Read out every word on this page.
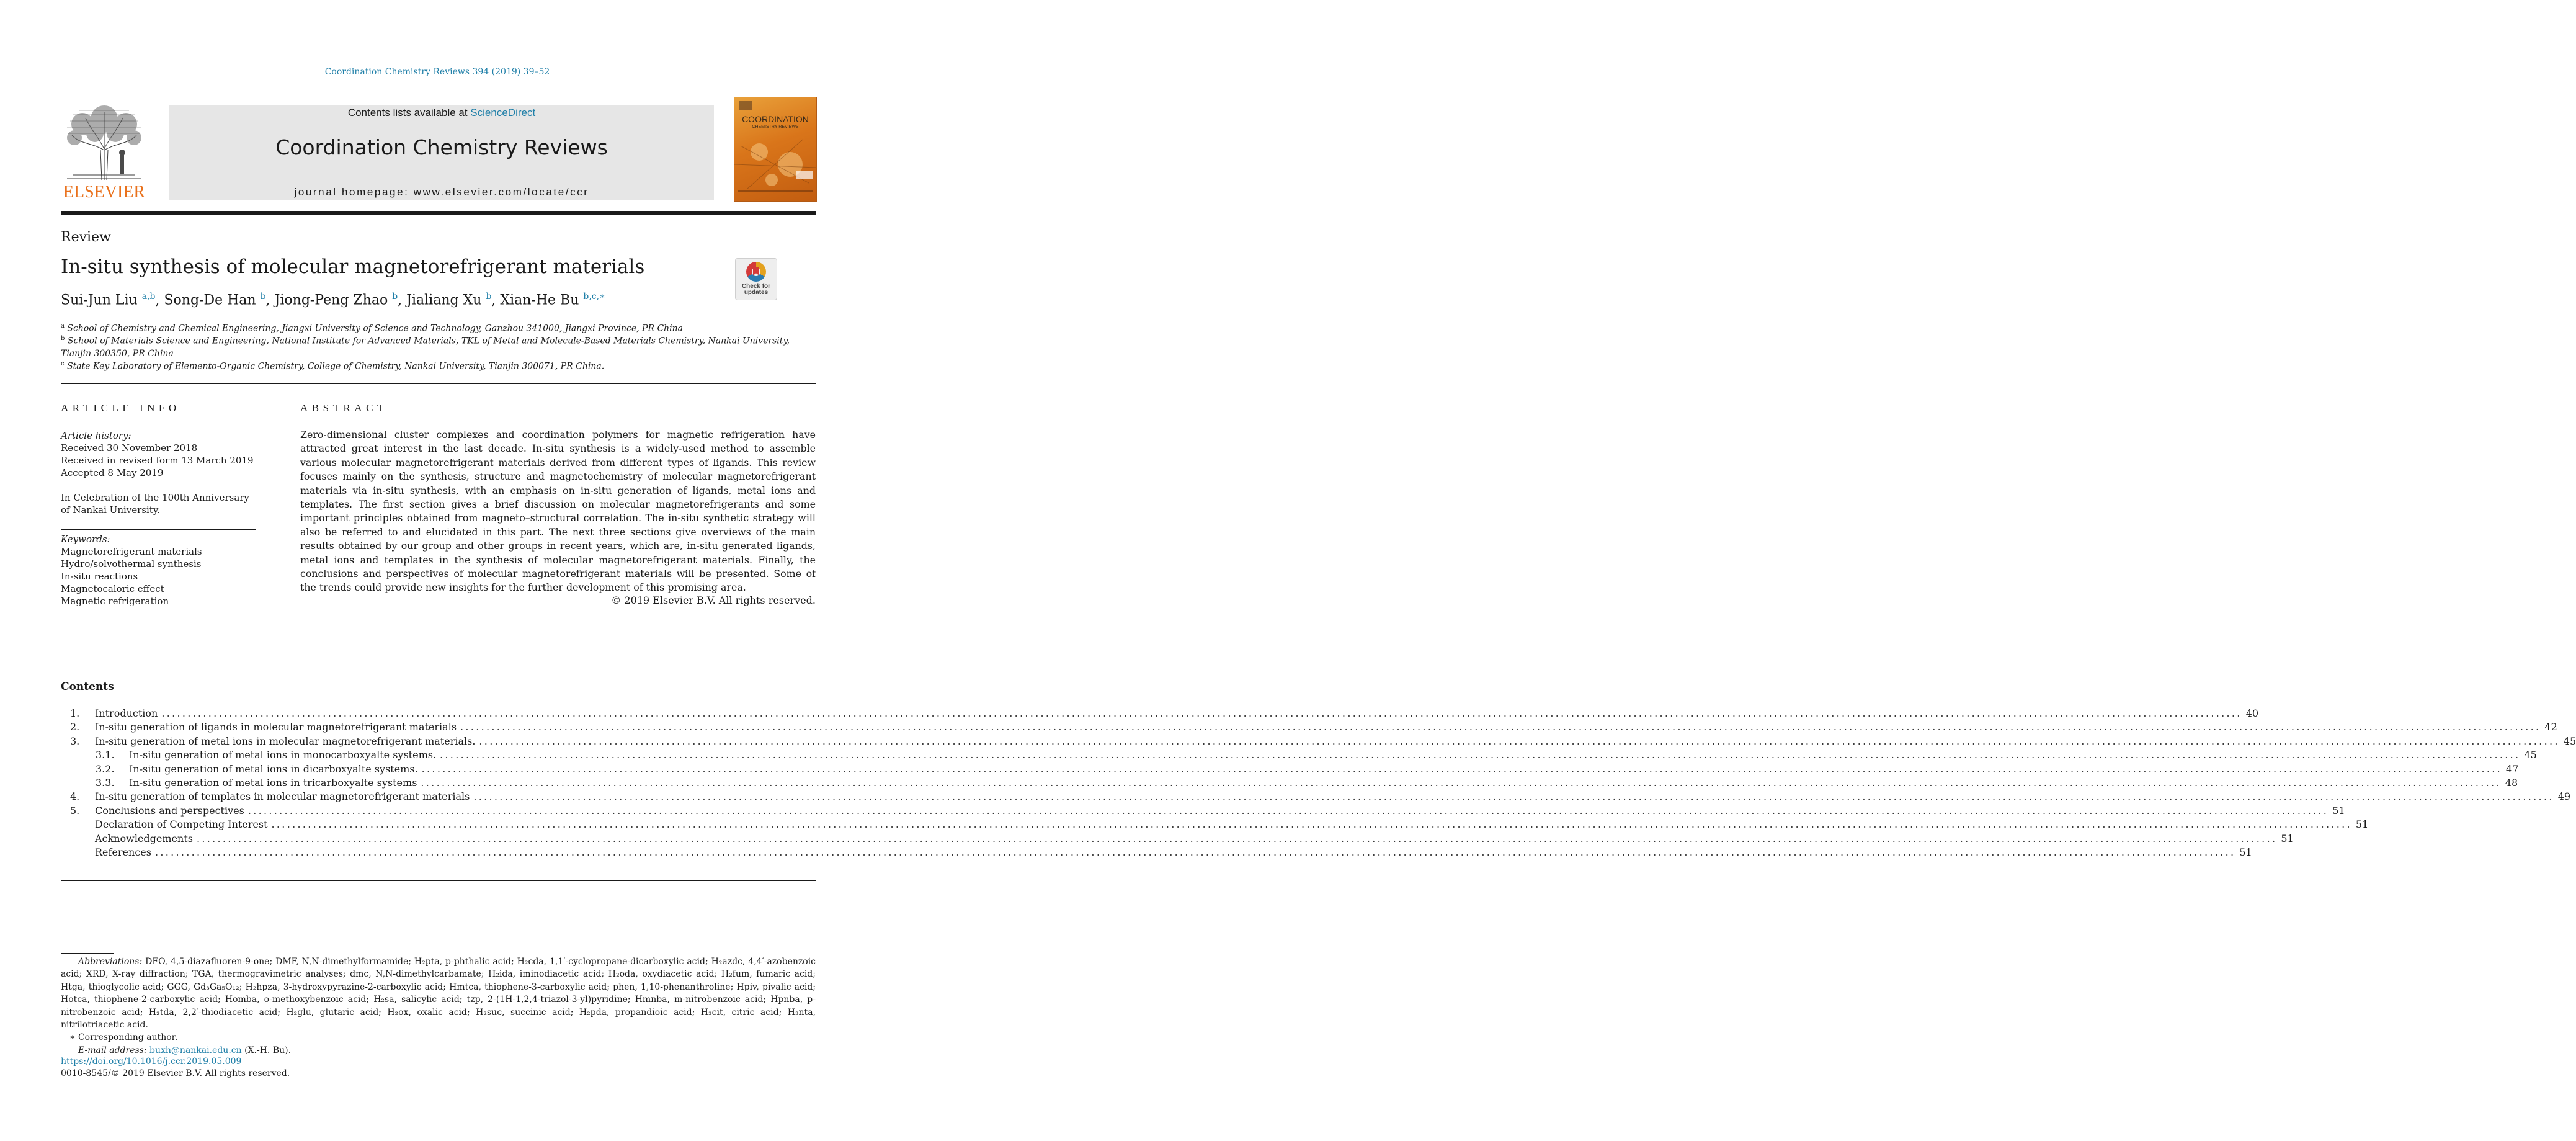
Coordination Chemistry Reviews 394 (2019) 39–52
ELSEVIER
Contents lists available at ScienceDirect
Coordination Chemistry Reviews
journal homepage: www.elsevier.com/locate/ccr
COORDINATION
CHEMISTRY REVIEWS
Review
In-situ synthesis of molecular magnetorefrigerant materials
Check for updates
Sui-Jun Liu $^{a,b}$, Song-De Han $^b$, Jiong-Peng Zhao $^b$, Jialiang Xu $^b$, Xian-He Bu $^{b,c,∗}$
$^a$ School of Chemistry and Chemical Engineering, Jiangxi University of Science and Technology, Ganzhou 341000, Jiangxi Province, PR China
$^b$ School of Materials Science and Engineering, National Institute for Advanced Materials, TKL of Metal and Molecule-Based Materials Chemistry, Nankai University, Tianjin 300350, PR China
$^c$ State Key Laboratory of Elemento-Organic Chemistry, College of Chemistry, Nankai University, Tianjin 300071, PR China.
ARTICLE INFO
Article history:
Received 30 November 2018
Received in revised form 13 March 2019
Accepted 8 May 2019
In Celebration of the 100th Anniversary of Nankai University.
Keywords:
Magnetorefrigerant materials
Hydro/solvothermal synthesis
In-situ reactions
Magnetocaloric effect
Magnetic refrigeration
ABSTRACT
Zero-dimensional cluster complexes and coordination polymers for magnetic refrigeration have attracted great interest in the last decade. In-situ synthesis is a widely-used method to assemble various molecular magnetorefrigerant materials derived from different types of ligands. This review focuses mainly on the synthesis, structure and magnetochemistry of molecular magnetorefrigerant materials via in-situ synthesis, with an emphasis on in-situ generation of ligands, metal ions and templates. The first section gives a brief discussion on molecular magnetorefrigerants and some important principles obtained from magneto–structural correlation. The in-situ synthetic strategy will also be referred to and elucidated in this part. The next three sections give overviews of the main results obtained by our group and other groups in recent years, which are, in-situ generated ligands, metal ions and templates in the synthesis of molecular magnetorefrigerant materials. Finally, the conclusions and perspectives of molecular magnetorefrigerant materials will be presented. Some of the trends could provide new insights for the further development of this promising area.
© 2019 Elsevier B.V. All rights reserved.
Contents
1.	Introduction ................................................................................................................................................................................................................................................................................................................................................................................................................ 40
2.	In-situ generation of ligands in molecular magnetorefrigerant materials ................................................................................................................................................................................................................................................................................................................................................................................................................ 42
3.	In-situ generation of metal ions in molecular magnetorefrigerant materials. ................................................................................................................................................................................................................................................................................................................................................................................................................ 45
3.1.	In-situ generation of metal ions in monocarboxyalte systems. ................................................................................................................................................................................................................................................................................................................................................................................................................ 45
3.2.	In-situ generation of metal ions in dicarboxyalte systems. ................................................................................................................................................................................................................................................................................................................................................................................................................ 47
3.3.	In-situ generation of metal ions in tricarboxyalte systems ................................................................................................................................................................................................................................................................................................................................................................................................................ 48
4.	In-situ generation of templates in molecular magnetorefrigerant materials ................................................................................................................................................................................................................................................................................................................................................................................................................ 49
5.	Conclusions and perspectives ................................................................................................................................................................................................................................................................................................................................................................................................................ 51
Declaration of Competing Interest ................................................................................................................................................................................................................................................................................................................................................................................................................ 51
Acknowledgements ................................................................................................................................................................................................................................................................................................................................................................................................................ 51
References ................................................................................................................................................................................................................................................................................................................................................................................................................ 51
Abbreviations: DFO, 4,5-diazafluoren-9-one; DMF, N,N-dimethylformamide; H₂pta, p-phthalic acid; H₂cda, 1,1′-cyclopropane-dicarboxylic acid; H₂azdc, 4,4′-azobenzoic acid; XRD, X-ray diffraction; TGA, thermogravimetric analyses; dmc, N,N-dimethylcarbamate; H₂ida, iminodiacetic acid; H₂oda, oxydiacetic acid; H₂fum, fumaric acid; Htga, thioglycolic acid; GGG, Gd₃Ga₅O₁₂; H₂hpza, 3-hydroxypyrazine-2-carboxylic acid; Hmtca, thiophene-3-carboxylic acid; phen, 1,10-phenanthroline; Hpiv, pivalic acid; Hotca, thiophene-2-carboxylic acid; Homba, o-methoxybenzoic acid; H₂sa, salicylic acid; tzp, 2-(1H-1,2,4-triazol-3-yl)pyridine; Hmnba, m-nitrobenzoic acid; Hpnba, p-nitrobenzoic acid; H₂tda, 2,2′-thiodiacetic acid; H₂glu, glutaric acid; H₂ox, oxalic acid; H₂suc, succinic acid; H₂pda, propandioic acid; H₃cit, citric acid; H₃nta, nitrilotriacetic acid.
∗ Corresponding author.
E-mail address: buxh@nankai.edu.cn (X.-H. Bu).
https://doi.org/10.1016/j.ccr.2019.05.009
0010-8545/© 2019 Elsevier B.V. All rights reserved.
